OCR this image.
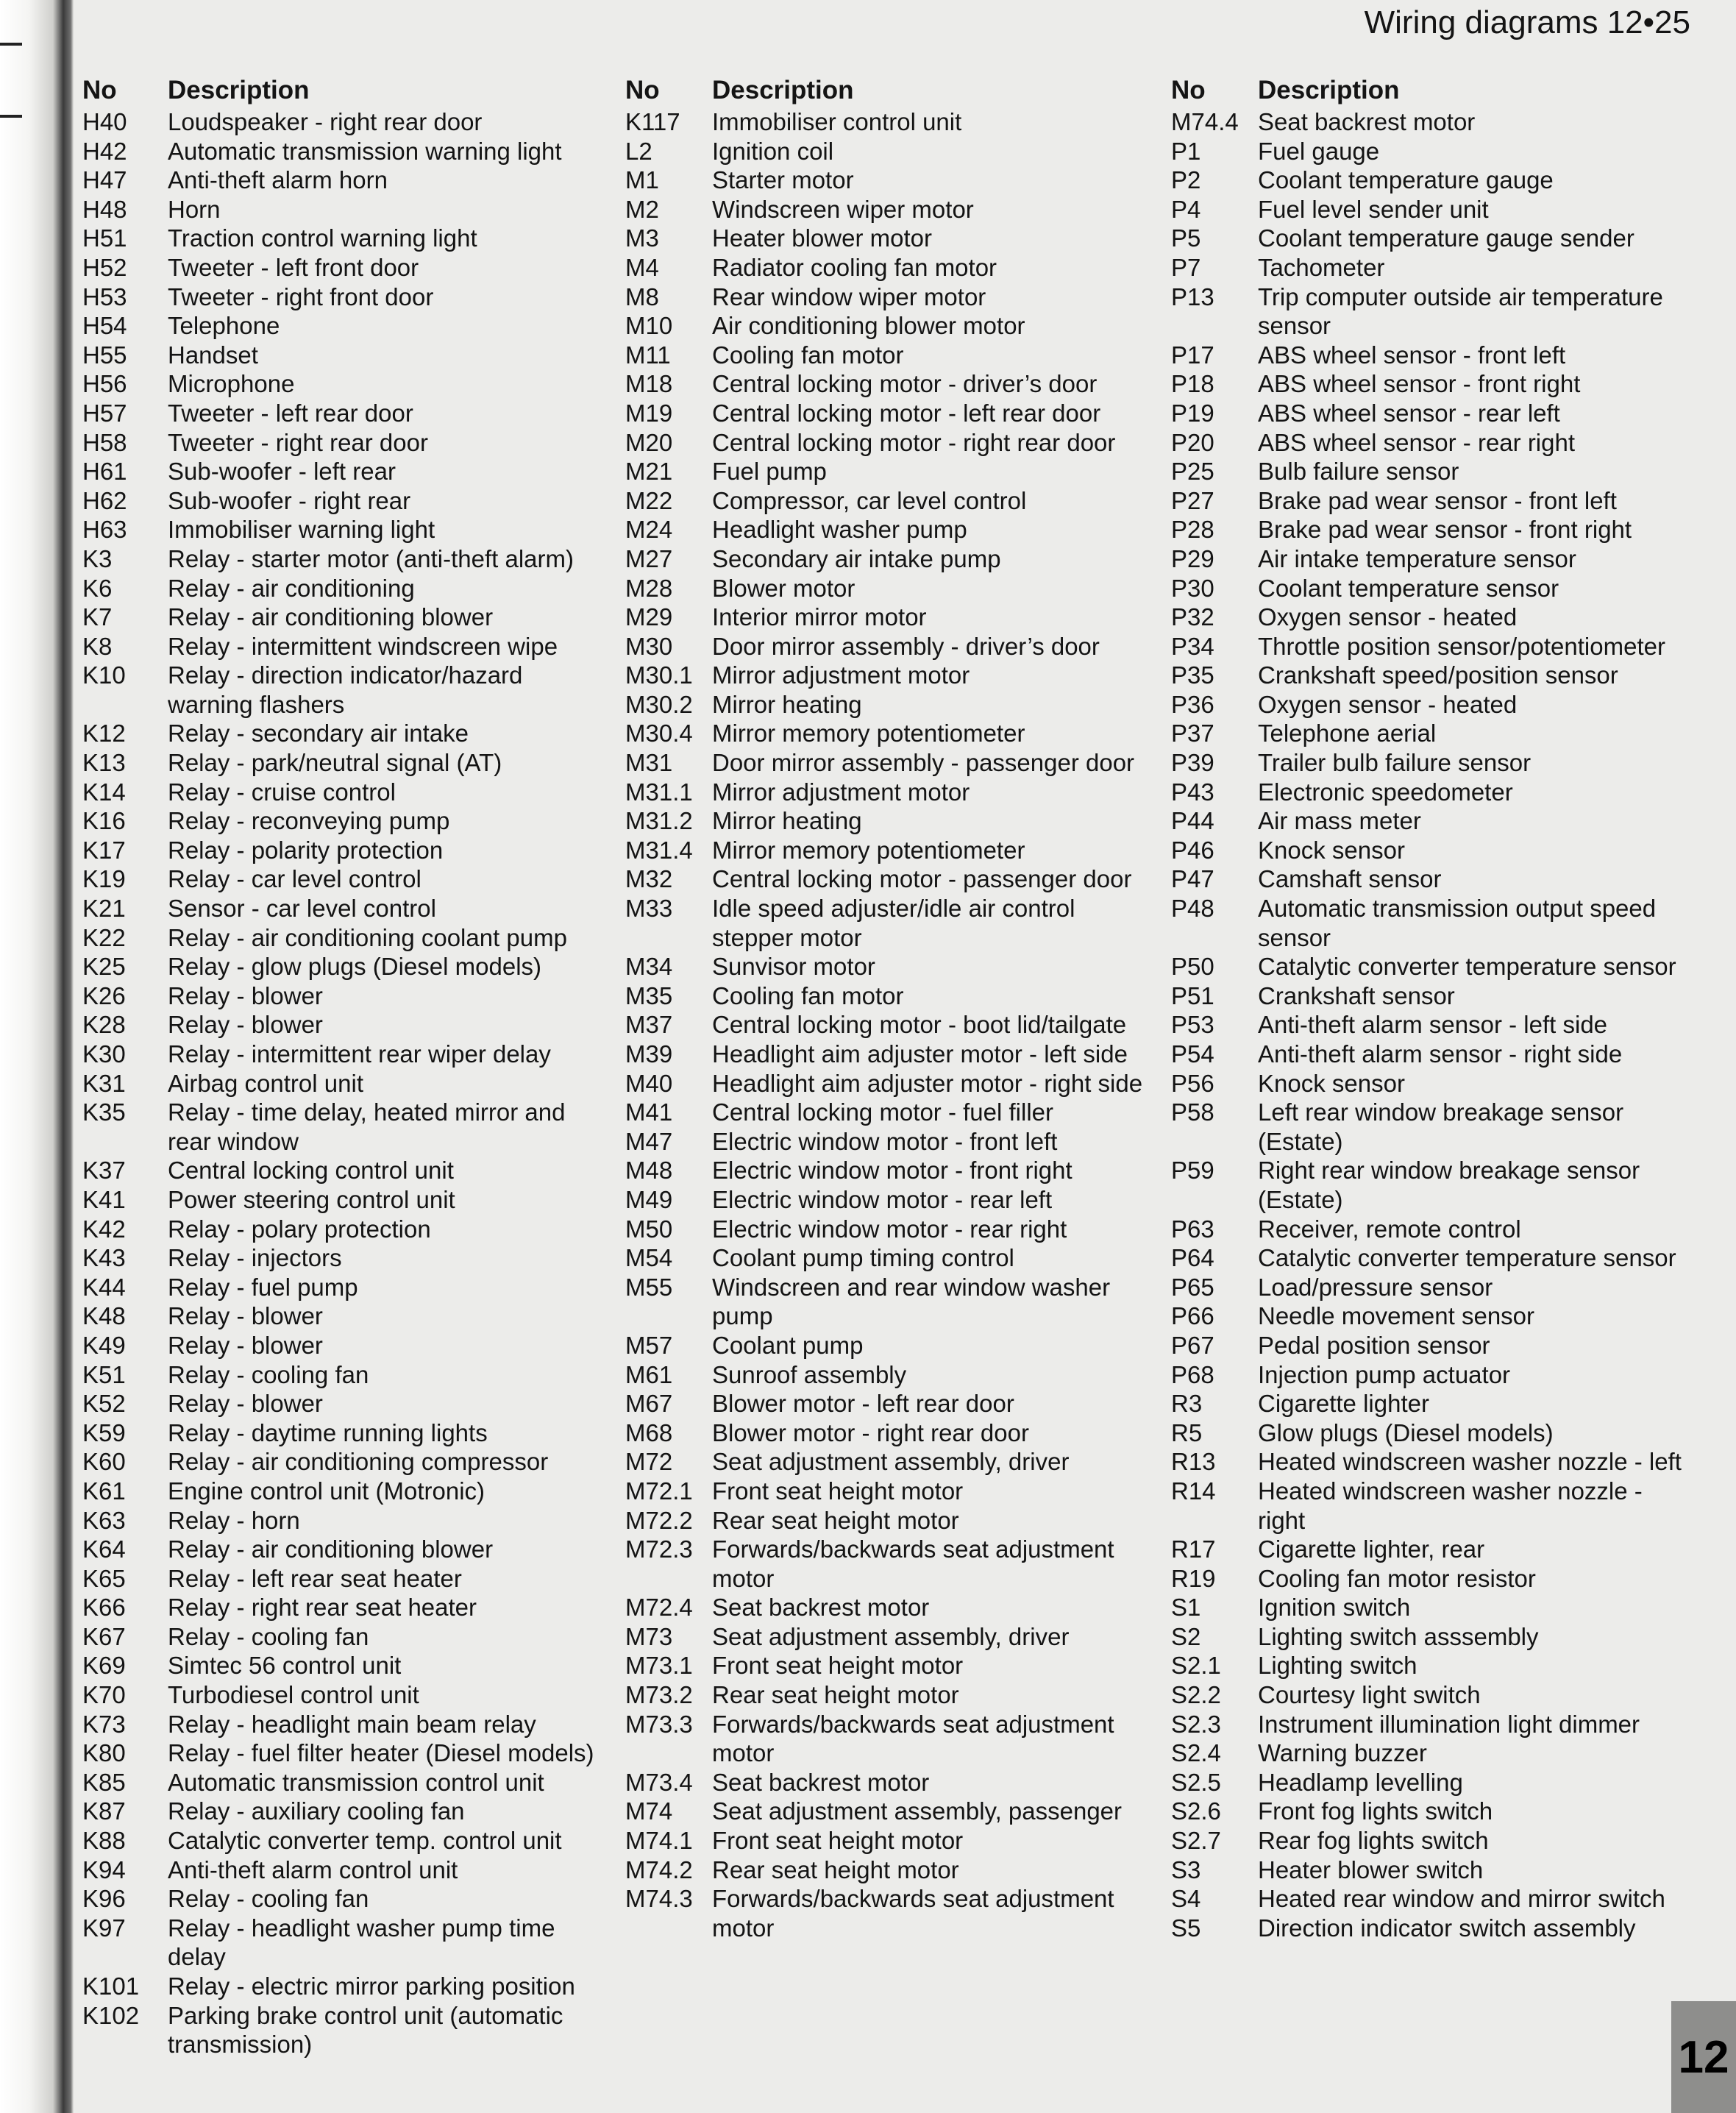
Wiring diagrams 12•25
No	Description
H40	Loudspeaker - right rear door
H42	Automatic transmission warning light
H47	Anti-theft alarm horn
H48	Horn
H51	Traction control warning light
H52	Tweeter - left front door
H53	Tweeter - right front door
H54	Telephone
H55	Handset
H56	Microphone
H57	Tweeter - left rear door
H58	Tweeter - right rear door
H61	Sub-woofer - left rear
H62	Sub-woofer - right rear
H63	Immobiliser warning light
K3	Relay - starter motor (anti-theft alarm)
K6	Relay - air conditioning
K7	Relay - air conditioning blower
K8	Relay - intermittent windscreen wipe
K10	Relay - direction indicator/hazard warning flashers
K12	Relay - secondary air intake
K13	Relay - park/neutral signal (AT)
K14	Relay - cruise control
K16	Relay - reconveying pump
K17	Relay - polarity protection
K19	Relay - car level control
K21	Sensor - car level control
K22	Relay - air conditioning coolant pump
K25	Relay - glow plugs (Diesel models)
K26	Relay - blower
K28	Relay - blower
K30	Relay - intermittent rear wiper delay
K31	Airbag control unit
K35	Relay - time delay, heated mirror and rear window
K37	Central locking control unit
K41	Power steering control unit
K42	Relay - polary protection
K43	Relay - injectors
K44	Relay - fuel pump
K48	Relay - blower
K49	Relay - blower
K51	Relay - cooling fan
K52	Relay - blower
K59	Relay - daytime running lights
K60	Relay - air conditioning compressor
K61	Engine control unit (Motronic)
K63	Relay - horn
K64	Relay - air conditioning blower
K65	Relay - left rear seat heater
K66	Relay - right rear seat heater
K67	Relay - cooling fan
K69	Simtec 56 control unit
K70	Turbodiesel control unit
K73	Relay - headlight main beam relay
K80	Relay - fuel filter heater (Diesel models)
K85	Automatic transmission control unit
K87	Relay - auxiliary cooling fan
K88	Catalytic converter temp. control unit
K94	Anti-theft alarm control unit
K96	Relay - cooling fan
K97	Relay - headlight washer pump time delay
K101	Relay - electric mirror parking position
K102	Parking brake control unit (automatic transmission)
No	Description
K117	Immobiliser control unit
L2	Ignition coil
M1	Starter motor
M2	Windscreen wiper motor
M3	Heater blower motor
M4	Radiator cooling fan motor
M8	Rear window wiper motor
M10	Air conditioning blower motor
M11	Cooling fan motor
M18	Central locking motor - driver’s door
M19	Central locking motor - left rear door
M20	Central locking motor - right rear door
M21	Fuel pump
M22	Compressor, car level control
M24	Headlight washer pump
M27	Secondary air intake pump
M28	Blower motor
M29	Interior mirror motor
M30	Door mirror assembly - driver’s door
M30.1 Mirror adjustment motor
M30.2 Mirror heating
M30.4 Mirror memory potentiometer
M31	Door mirror assembly - passenger door
M31.1 Mirror adjustment motor
M31.2 Mirror heating
M31.4 Mirror memory potentiometer
M32	Central locking motor - passenger door
M33	Idle speed adjuster/idle air control stepper motor
M34	Sunvisor motor
M35	Cooling fan motor
M37	Central locking motor - boot lid/tailgate
M39	Headlight aim adjuster motor - left side
M40	Headlight aim adjuster motor - right side
M41	Central locking motor - fuel filler
M47	Electric window motor - front left
M48	Electric window motor - front right
M49	Electric window motor - rear left
M50	Electric window motor - rear right
M54	Coolant pump timing control
M55	Windscreen and rear window washer pump
M57	Coolant pump
M61	Sunroof assembly
M67	Blower motor - left rear door
M68	Blower motor - right rear door
M72	Seat adjustment assembly, driver
M72.1 Front seat height motor
M72.2 Rear seat height motor
M72.3 Forwards/backwards seat adjustment motor
M72.4 Seat backrest motor
M73	Seat adjustment assembly, driver
M73.1 Front seat height motor
M73.2 Rear seat height motor
M73.3 Forwards/backwards seat adjustment motor
M73.4 Seat backrest motor
M74	Seat adjustment assembly, passenger
M74.1 Front seat height motor
M74.2 Rear seat height motor
M74.3 Forwards/backwards seat adjustment motor
No	Description
M74.4 Seat backrest motor
P1	Fuel gauge
P2	Coolant temperature gauge
P4	Fuel level sender unit
P5	Coolant temperature gauge sender
P7	Tachometer
P13	Trip computer outside air temperature sensor
P17	ABS wheel sensor - front left
P18	ABS wheel sensor - front right
P19	ABS wheel sensor - rear left
P20	ABS wheel sensor - rear right
P25	Bulb failure sensor
P27	Brake pad wear sensor - front left
P28	Brake pad wear sensor - front right
P29	Air intake temperature sensor
P30	Coolant temperature sensor
P32	Oxygen sensor - heated
P34	Throttle position sensor/potentiometer
P35	Crankshaft speed/position sensor
P36	Oxygen sensor - heated
P37	Telephone aerial
P39	Trailer bulb failure sensor
P43	Electronic speedometer
P44	Air mass meter
P46	Knock sensor
P47	Camshaft sensor
P48	Automatic transmission output speed sensor
P50	Catalytic converter temperature sensor
P51	Crankshaft sensor
P53	Anti-theft alarm sensor - left side
P54	Anti-theft alarm sensor - right side
P56	Knock sensor
P58	Left rear window breakage sensor (Estate)
P59	Right rear window breakage sensor (Estate)
P63	Receiver, remote control
P64	Catalytic converter temperature sensor
P65	Load/pressure sensor
P66	Needle movement sensor
P67	Pedal position sensor
P68	Injection pump actuator
R3	Cigarette lighter
R5	Glow plugs (Diesel models)
R13	Heated windscreen washer nozzle - left
R14	Heated windscreen washer nozzle - right
R17	Cigarette lighter, rear
R19	Cooling fan motor resistor
S1	Ignition switch
S2	Lighting switch asssembly
S2.1	Lighting switch
S2.2	Courtesy light switch
S2.3	Instrument illumination light dimmer
S2.4	Warning buzzer
S2.5	Headlamp levelling
S2.6	Front fog lights switch
S2.7	Rear fog lights switch
S3	Heater blower switch
S4	Heated rear window and mirror switch
S5	Direction indicator switch assembly
12
